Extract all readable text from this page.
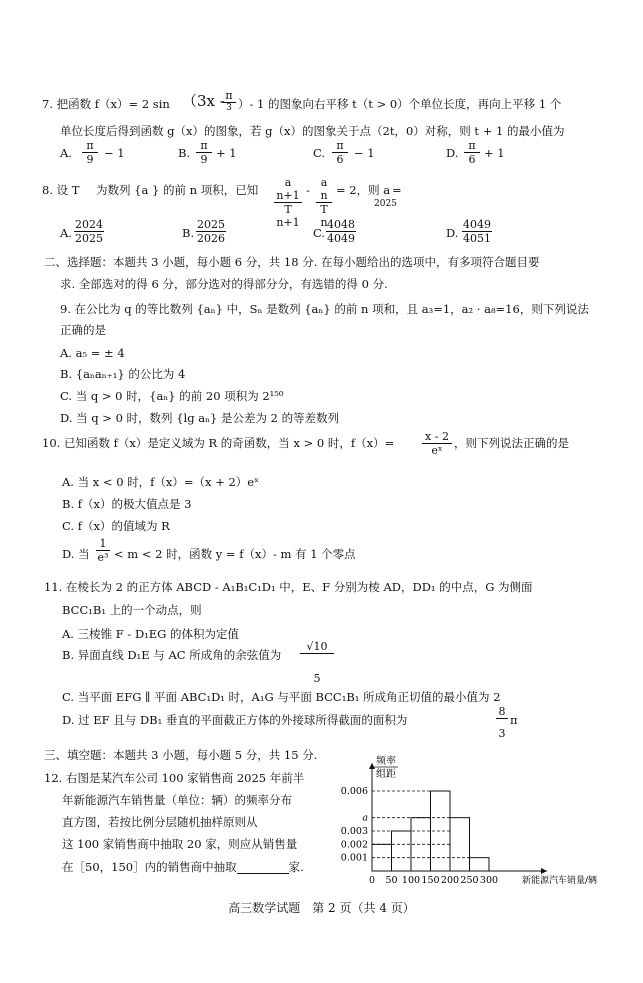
7. 把函数 f（x）= 2 sin （3x - π
3 ）- 1 的图象向右平移 t（t > 0）个单位长度，再向上平移 1 个
单位长度后得到函数 g（x）的图象，若 g（x）的图象关于点（2t，0）对称，则 t + 1 的最小值为
A. $\frac{\pi}{9} - 1$	B. $\frac{\pi}{9} + 1$	C. $\frac{\pi}{6} - 1$	D. $\frac{\pi}{6} + 1$
8. 设 T 为数列 {a } 的前 n 项积，已知 $\frac{\text{a n+1}}{\text{T n+1}} - \frac{\text{a n}}{\text{T n}} = 2$，则 a
2025
=
A. $\frac{2024}{2025}$	B. $\frac{2025}{2026}$	C. $\frac{4048}{4049}$	D. $\frac{4049}{4051}$
二、选择题：本题共 3 小题，每小题 6 分，共 18 分. 在每小题给出的选项中，有多项符合题目要
求. 全部选对的得 6 分，部分选对的得部分分，有选错的得 0 分.
9. 在公比为 q 的等比数列 {aₙ} 中，Sₙ 是数列 {aₙ} 的前 n 项和，且 a₃=1，a₂ · a₈=16，则下列说法
正确的是
A. a₅ = ± 4
B. {aₙaₙ₊₁} 的公比为 4
C. 当 q > 0 时，{aₙ} 的前 20 项积为 2¹⁵⁰
D. 当 q > 0 时，数列 {lg aₙ} 是公差为 2 的等差数列
10. 已知函数 f（x）是定义域为 R 的奇函数，当 x > 0 时，f（x）=	$\frac{x - 2}{\text{eˣ}}$ ，则下列说法正确的是
A. 当 x < 0 时，f（x）=（x + 2）eˣ
B. f（x）的极大值点是 3
C. f（x）的值域为 R
D. 当 $\frac{1}{\text{e³}} < m < 2$ 时，函数 y = f（x）- m 有 1 个零点
11. 在棱长为 2 的正方体 ABCD - A₁B₁C₁D₁ 中，E、F 分别为棱 AD，DD₁ 的中点，G 为侧面
BCC₁B₁ 上的一个动点，则
A. 三棱锥 F - D₁EG 的体积为定值
B. 异面直线 D₁E 与 AC 所成角的余弦值为 $\frac{√10}{5}$
C. 当平面 EFG ∥ 平面 ABC₁D₁ 时，A₁G 与平面 BCC₁B₁ 所成角正切值的最小值为 2
D. 过 EF 且与 DB₁ 垂直的平面截正方体的外接球所得截面的面积为	$\frac{8}{3}$ π
三、填空题：本题共 3 小题，每小题 5 分，共 15 分.
12. 右图是某汽车公司 100 家销售商 2025 年前半
年新能源汽车销售量（单位：辆）的频率分布
直方图，若按比例分层随机抽样原则从
这 100 家销售商中抽取 20 家，则应从销售量
在［50，150］内的销售商中抽取	家.
0.006
a
0.003
0.002
0.001
0 50 100 150 200 250 300
频率
组距
新能源汽车销量/辆
高三数学试题　第 2 页（共 4 页）
